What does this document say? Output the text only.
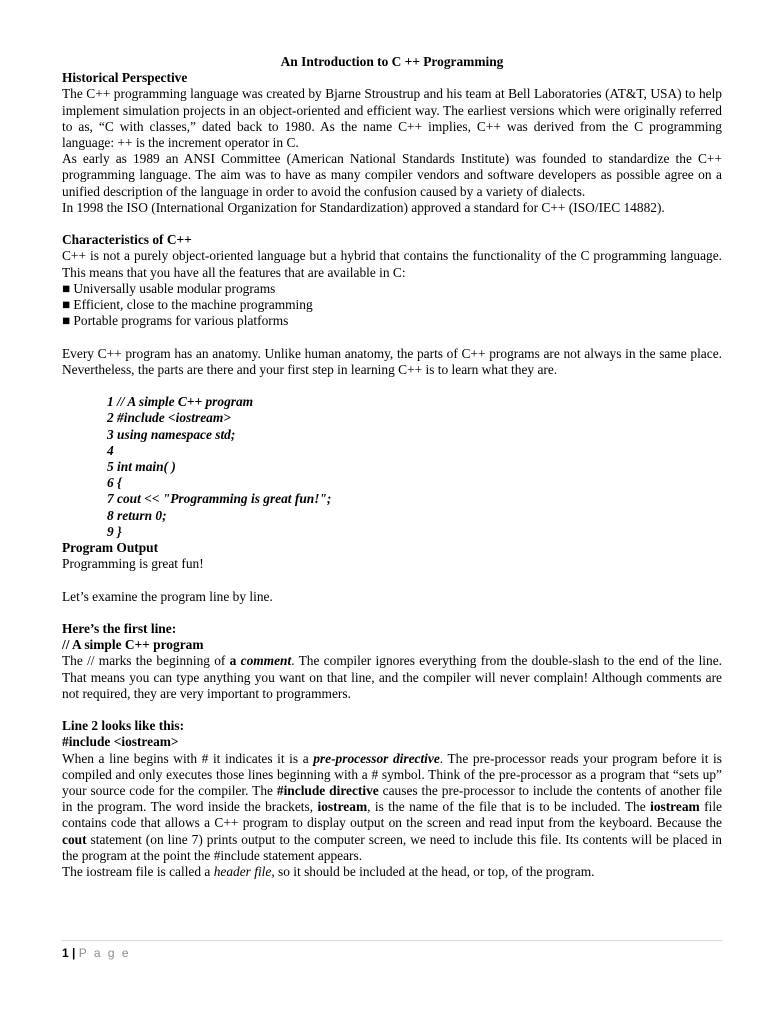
An Introduction to C ++ Programming
Historical Perspective

The C++ programming language was created by Bjarne Stroustrup and his team at Bell Laboratories (AT&T, USA) to help implement simulation projects in an object-oriented and efficient way. The earliest versions which were originally referred to as, “C with classes,” dated back to 1980. As the name C++ implies, C++ was derived from the C programming language: ++ is the increment operator in C.

As early as 1989 an ANSI Committee (American National Standards Institute) was founded to standardize the C++ programming language. The aim was to have as many compiler vendors and software developers as possible agree on a unified description of the language in order to avoid the confusion caused by a variety of dialects.

In 1998 the ISO (International Organization for Standardization) approved a standard for C++ (ISO/IEC 14882).

Characteristics of C++

C++ is not a purely object-oriented language but a hybrid that contains the functionality of the C programming language. This means that you have all the features that are available in C:

■ Universally usable modular programs
■ Efficient, close to the machine programming
■ Portable programs for various platforms

Every C++ program has an anatomy. Unlike human anatomy, the parts of C++ programs are not always in the same place. Nevertheless, the parts are there and your first step in learning C++ is to learn what they are.

1 // A simple C++ program
2 #include <iostream>
3 using namespace std;
4
5 int main( )
6 {
7 cout << "Programming is great fun!";
8 return 0;
9 }
Program Output

Programming is great fun!

Let’s examine the program line by line.

Here’s the first line:
// A simple C++ program

The // marks the beginning of a comment. The compiler ignores everything from the double-slash to the end of the line. That means you can type anything you want on that line, and the compiler will never complain! Although comments are not required, they are very important to programmers.

Line 2 looks like this:
#include <iostream>

When a line begins with # it indicates it is a pre-processor directive. The pre-processor reads your program before it is compiled and only executes those lines beginning with a # symbol. Think of the pre-processor as a program that “sets up” your source code for the compiler. The #include directive causes the pre-processor to include the contents of another file in the program. The word inside the brackets, iostream, is the name of the file that is to be included. The iostream file contains code that allows a C++ program to display output on the screen and read input from the keyboard. Because the cout statement (on line 7) prints output to the computer screen, we need to include this file. Its contents will be placed in the program at the point the #include statement appears.

The iostream file is called a header file, so it should be included at the head, or top, of the program.

1 | P a g e
